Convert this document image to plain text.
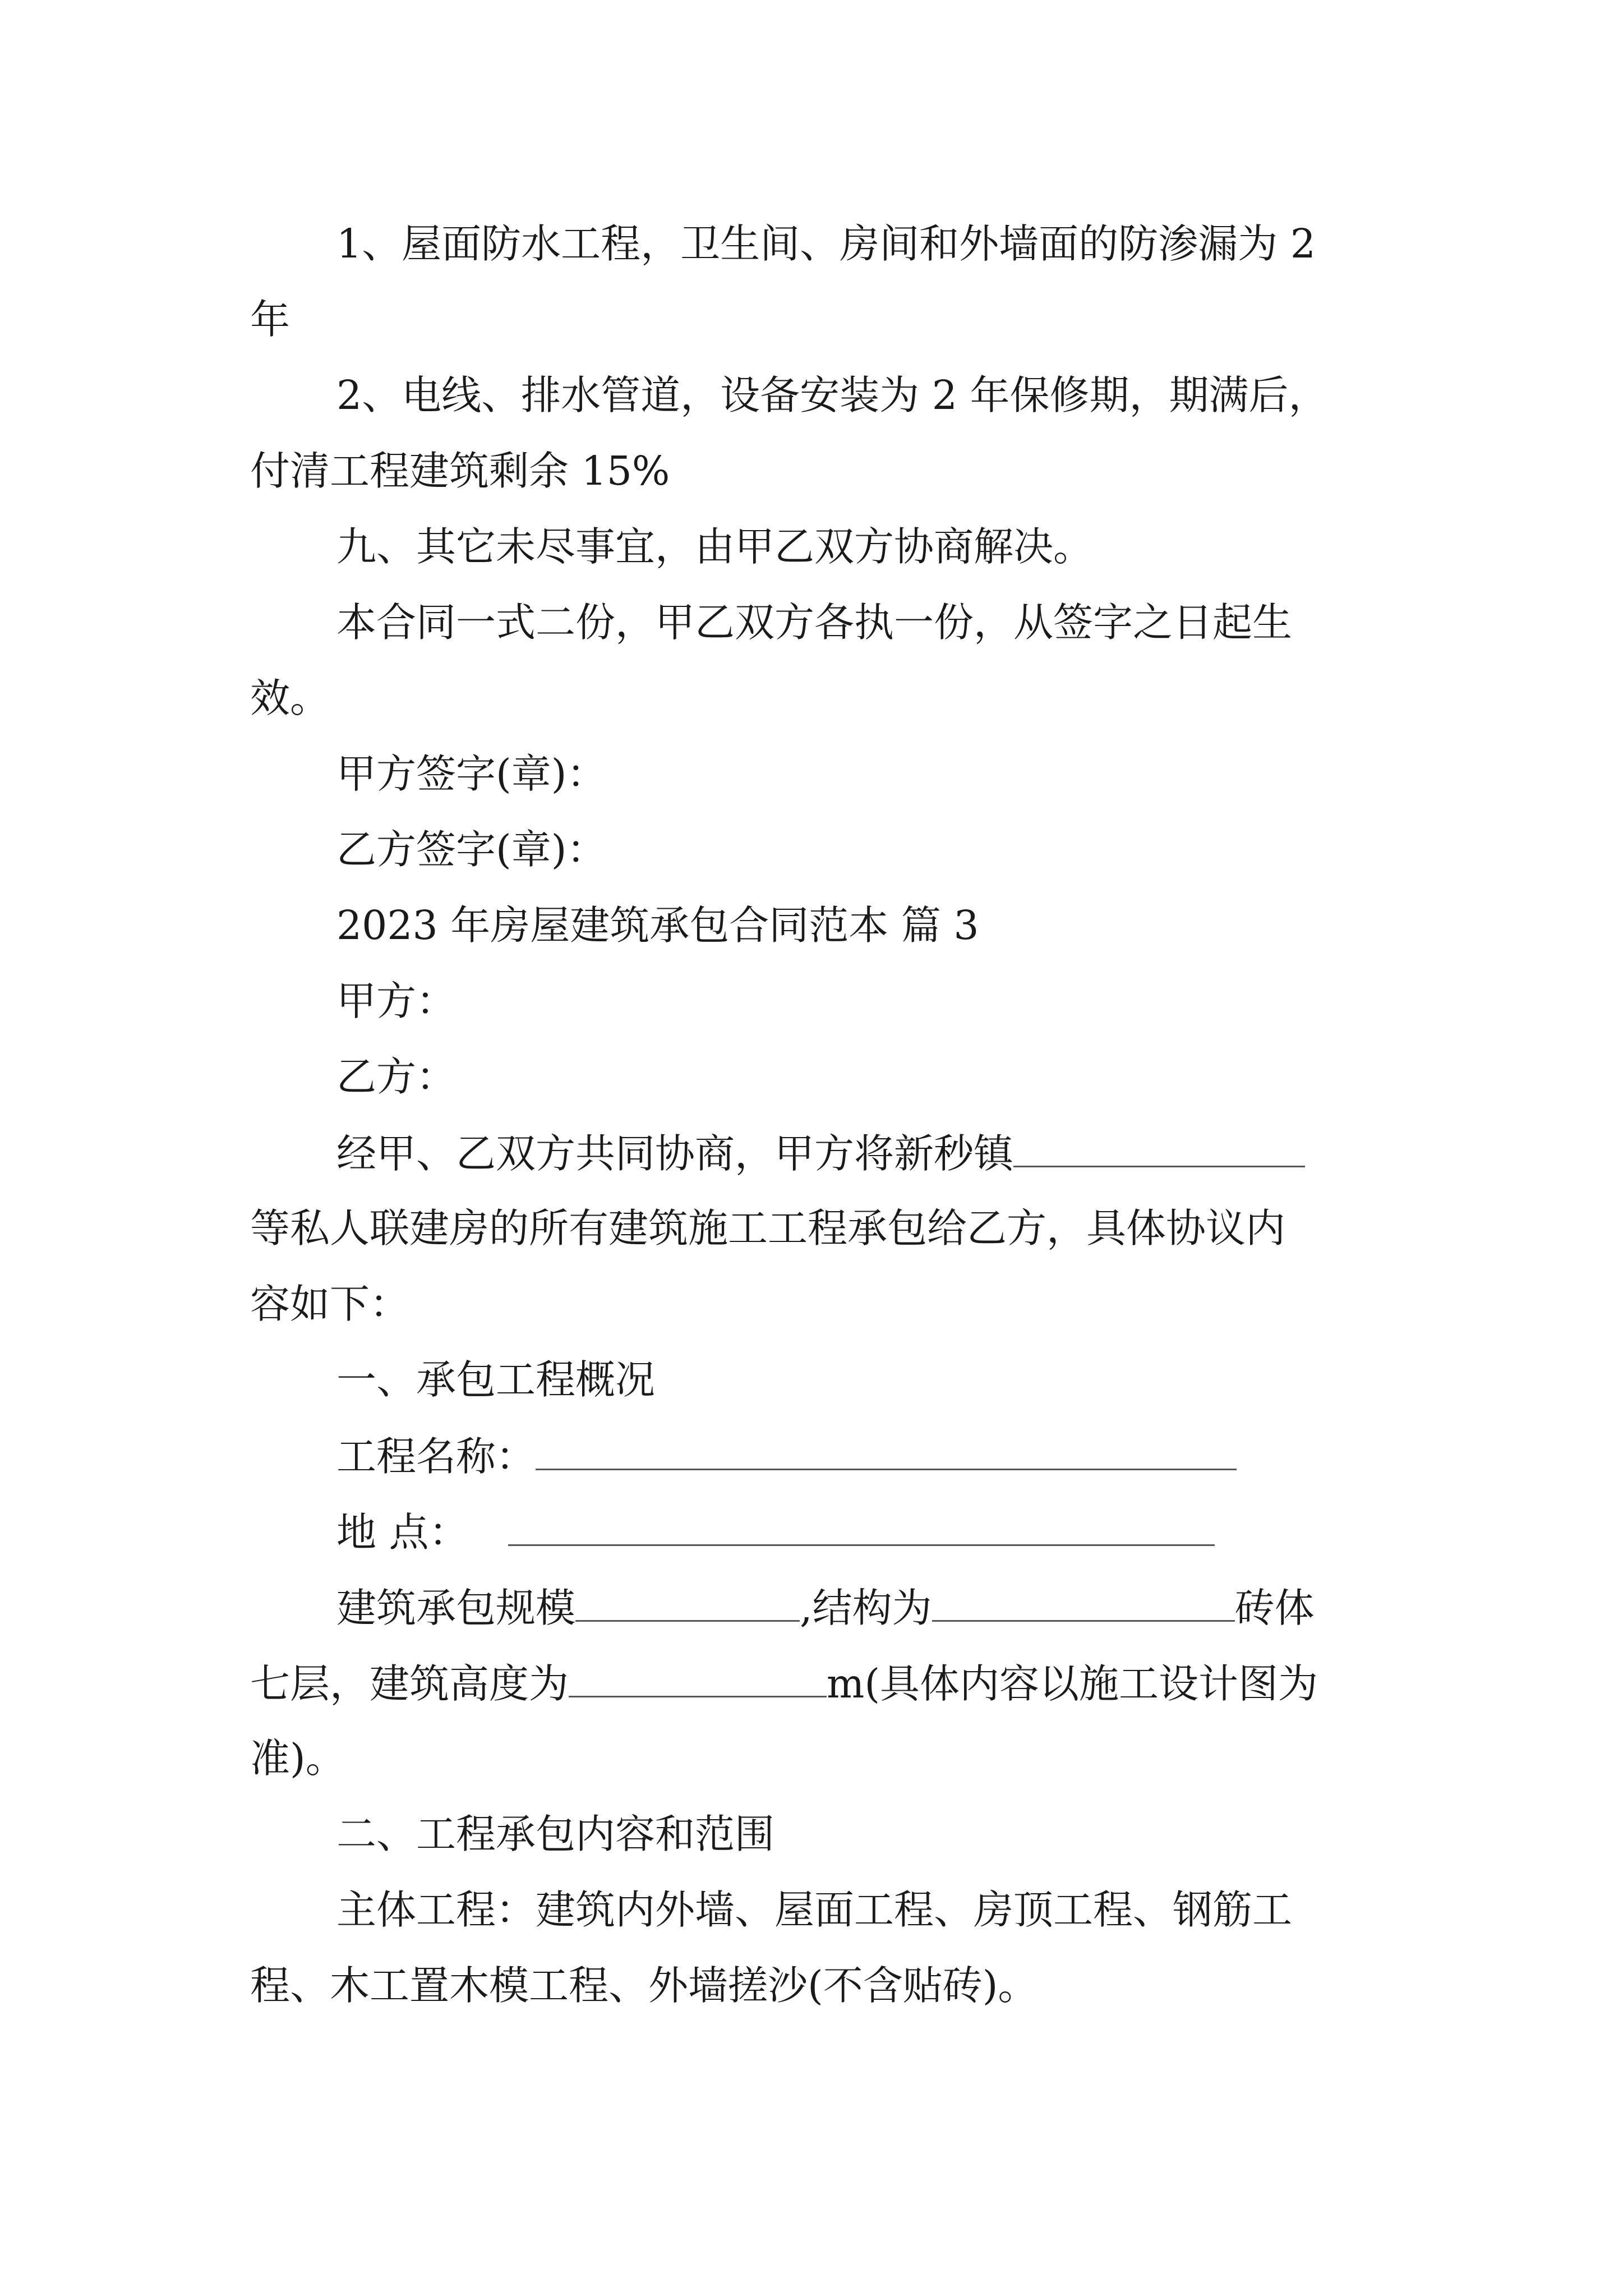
1、屋面防水工程，卫生间、房间和外墙面的防渗漏为 2
年
2、电线、排水管道，设备安装为 2 年保修期，期满后，
付清工程建筑剩余 15%
九、其它未尽事宜，由甲乙双方协商解决。
本合同一式二份，甲乙双方各执一份，从签字之日起生
效。
甲方签字(章)：
乙方签字(章)：
2023 年房屋建筑承包合同范本 篇 3
甲方：
乙方：
经甲、乙双方共同协商，甲方将新秒镇
等私人联建房的所有建筑施工工程承包给乙方，具体协议内
容如下：
一、承包工程概况
工程名称：
地 点：
建筑承包规模	,结构为	砖体
七层，建筑高度为	m(具体内容以施工设计图为
准)。
二、工程承包内容和范围
主体工程：建筑内外墙、屋面工程、房顶工程、钢筋工
程、木工置木模工程、外墙搓沙(不含贴砖)。
